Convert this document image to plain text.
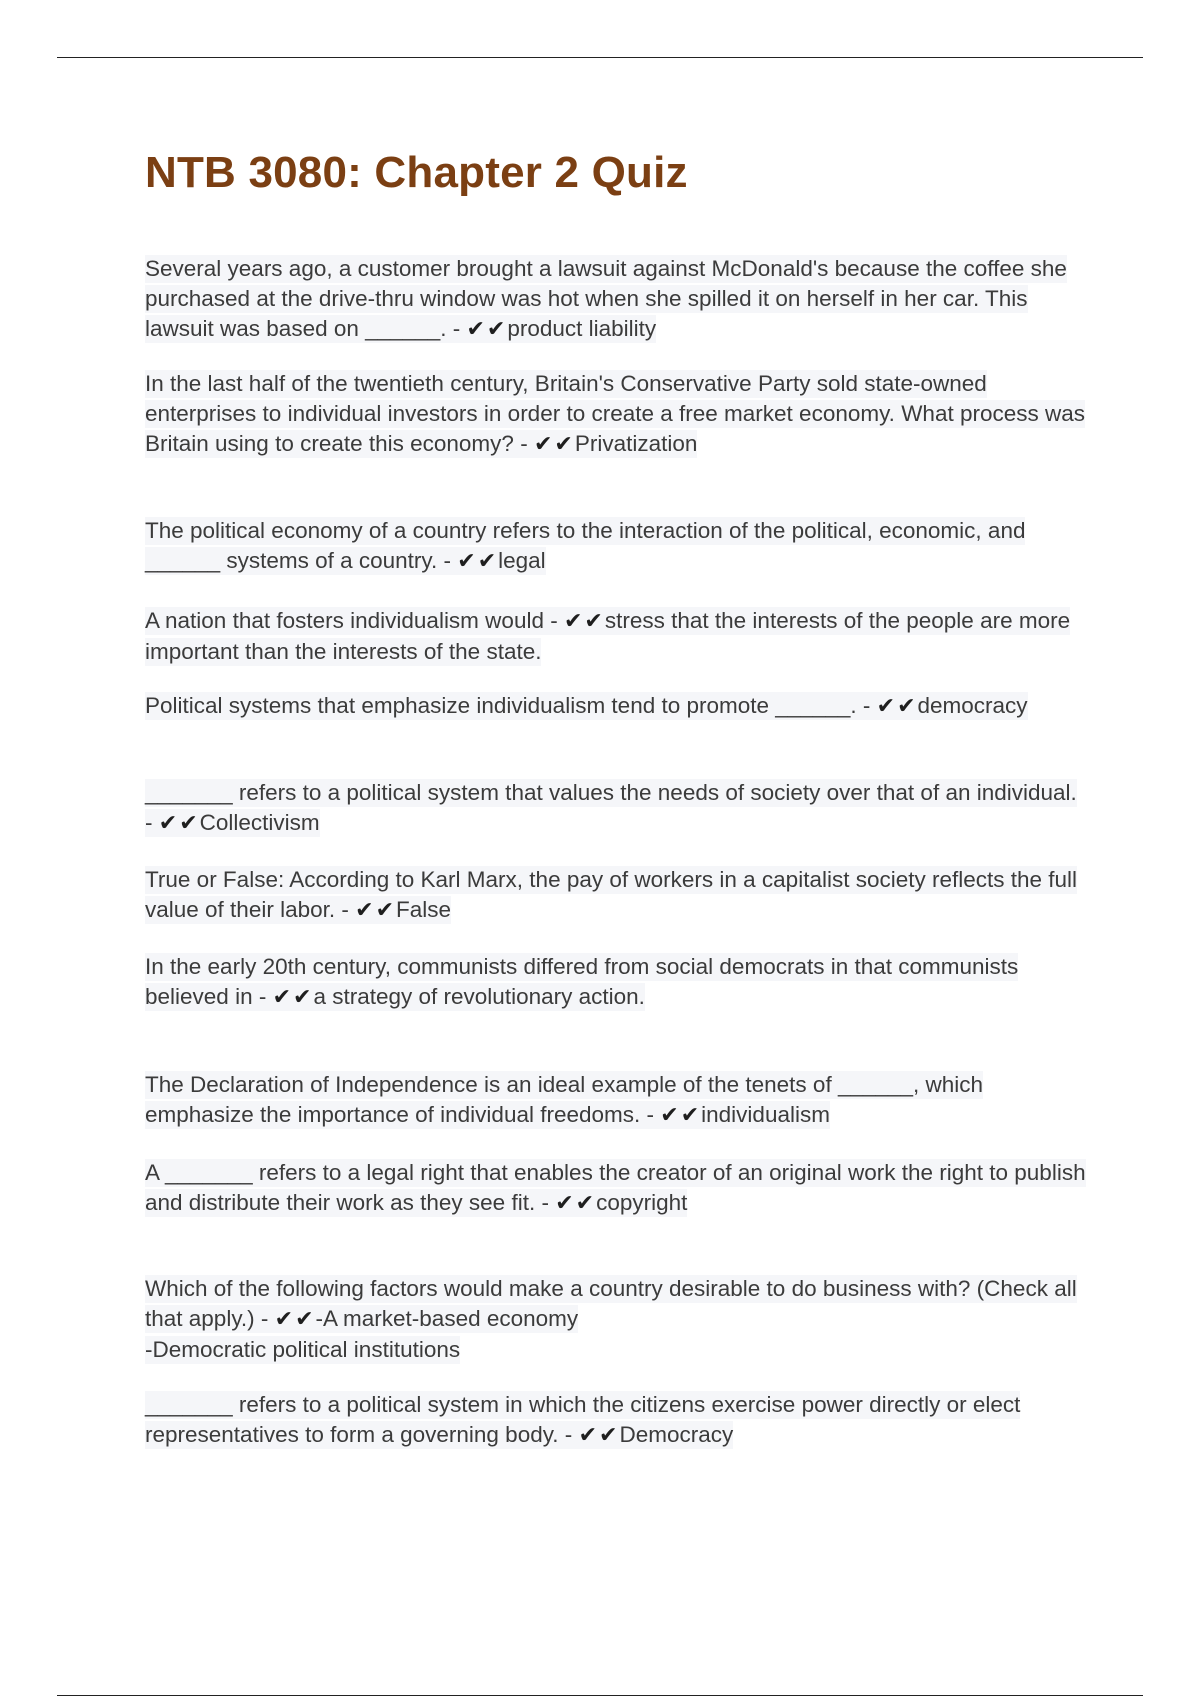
NTB 3080: Chapter 2 Quiz

Several years ago, a customer brought a lawsuit against McDonald's because the coffee she purchased at the drive-thru window was hot when she spilled it on herself in her car. This lawsuit was based on ______. - ✔✔product liability

In the last half of the twentieth century, Britain's Conservative Party sold state-owned enterprises to individual investors in order to create a free market economy. What process was Britain using to create this economy? - ✔✔Privatization

The political economy of a country refers to the interaction of the political, economic, and ______ systems of a country. - ✔✔legal

A nation that fosters individualism would - ✔✔stress that the interests of the people are more important than the interests of the state.

Political systems that emphasize individualism tend to promote ______. - ✔✔democracy

_______ refers to a political system that values the needs of society over that of an individual. - ✔✔Collectivism

True or False: According to Karl Marx, the pay of workers in a capitalist society reflects the full value of their labor. - ✔✔False

In the early 20th century, communists differed from social democrats in that communists believed in - ✔✔a strategy of revolutionary action.

The Declaration of Independence is an ideal example of the tenets of ______, which emphasize the importance of individual freedoms. - ✔✔individualism

A _______ refers to a legal right that enables the creator of an original work the right to publish and distribute their work as they see fit. - ✔✔copyright

Which of the following factors would make a country desirable to do business with? (Check all that apply.) - ✔✔-A market-based economy
-Democratic political institutions

_______ refers to a political system in which the citizens exercise power directly or elect representatives to form a governing body. - ✔✔Democracy
